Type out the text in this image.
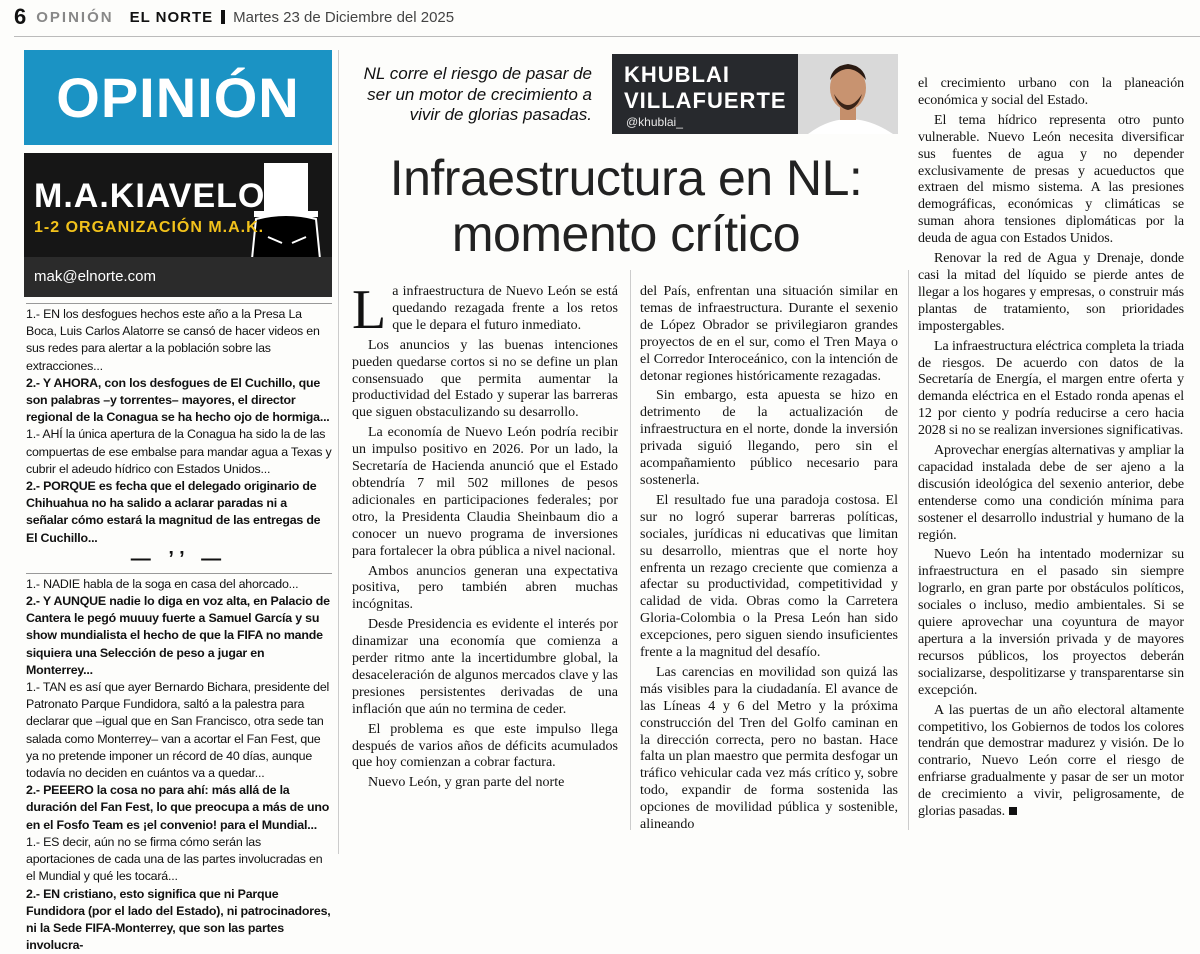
6 OPINIÓN EL NORTE Martes 23 de Diciembre del 2025
OPINIÓN
M.A.KIAVELO
1-2 ORGANIZACIÓN M.A.K.
mak@elnorte.com

1.- EN los desfogues hechos este año a la Presa La Boca, Luis Carlos Alatorre se cansó de hacer videos en sus redes para alertar a la población sobre las extracciones...

2.- Y AHORA, con los desfogues de El Cuchillo, que son palabras –y torrentes– mayores, el director regional de la Conagua se ha hecho ojo de hormiga...

1.- AHÍ la única apertura de la Conagua ha sido la de las compuertas de ese embalse para mandar agua a Texas y cubrir el adeudo hídrico con Estados Unidos...

2.- PORQUE es fecha que el delegado originario de Chihuahua no ha salido a aclarar paradas ni a señalar cómo estará la magnitud de las entregas de El Cuchillo...

— ’’ —

1.- NADIE habla de la soga en casa del ahorcado...

2.- Y AUNQUE nadie lo diga en voz alta, en Palacio de Cantera le pegó muuuy fuerte a Samuel García y su show mundialista el hecho de que la FIFA no mande siquiera una Selección de peso a jugar en Monterrey...

1.- TAN es así que ayer Bernardo Bichara, presidente del Patronato Parque Fundidora, saltó a la palestra para declarar que –igual que en San Francisco, otra sede tan salada como Monterrey– van a acortar el Fan Fest, que ya no pretende imponer un récord de 40 días, aunque todavía no deciden en cuántos va a quedar...

2.- PEEERO la cosa no para ahí: más allá de la duración del Fan Fest, lo que preocupa a más de uno en el Fosfo Team es ¡el convenio! para el Mundial...

1.- ES decir, aún no se firma cómo serán las aportaciones de cada una de las partes involucradas en el Mundial y qué les tocará...

2.- EN cristiano, esto significa que ni Parque Fundidora (por el lado del Estado), ni patrocinadores, ni la Sede FIFA-Monterrey, que son las partes involucra-

NL corre el riesgo de pasar de ser un motor de crecimiento a vivir de glorias pasadas.
KHUBLAI
VILLAFUERTE
@khublai_
Infraestructura en NL:
momento crítico

La infraestructura de Nuevo León se está quedando rezagada frente a los retos que le depara el futuro inmediato.

Los anuncios y las buenas intenciones pueden quedarse cortos si no se define un plan consensuado que permita aumentar la productividad del Estado y superar las barreras que siguen obstaculizando su desarrollo.

La economía de Nuevo León podría recibir un impulso positivo en 2026. Por un lado, la Secretaría de Hacienda anunció que el Estado obtendría 7 mil 502 millones de pesos adicionales en participaciones federales; por otro, la Presidenta Claudia Sheinbaum dio a conocer un nuevo programa de inversiones para fortalecer la obra pública a nivel nacional.

Ambos anuncios generan una expectativa positiva, pero también abren muchas incógnitas.

Desde Presidencia es evidente el interés por dinamizar una economía que comienza a perder ritmo ante la incertidumbre global, la desaceleración de algunos mercados clave y las presiones persistentes derivadas de una inflación que aún no termina de ceder.

El problema es que este impulso llega después de varios años de déficits acumulados que hoy comienzan a cobrar factura.

Nuevo León, y gran parte del norte

del País, enfrentan una situación similar en temas de infraestructura. Durante el sexenio de López Obrador se privilegiaron grandes proyectos de en el sur, como el Tren Maya o el Corredor Interoceánico, con la intención de detonar regiones históricamente rezagadas.

Sin embargo, esta apuesta se hizo en detrimento de la actualización de infraestructura en el norte, donde la inversión privada siguió llegando, pero sin el acompañamiento público necesario para sostenerla.

El resultado fue una paradoja costosa. El sur no logró superar barreras políticas, sociales, jurídicas ni educativas que limitan su desarrollo, mientras que el norte hoy enfrenta un rezago creciente que comienza a afectar su productividad, competitividad y calidad de vida. Obras como la Carretera Gloria-Colombia o la Presa León han sido excepciones, pero siguen siendo insuficientes frente a la magnitud del desafío.

Las carencias en movilidad son quizá las más visibles para la ciudadanía. El avance de las Líneas 4 y 6 del Metro y la próxima construcción del Tren del Golfo caminan en la dirección correcta, pero no bastan. Hace falta un plan maestro que permita desfogar un tráfico vehicular cada vez más crítico y, sobre todo, expandir de forma sostenida las opciones de movilidad pública y sostenible, alineando

el crecimiento urbano con la planeación económica y social del Estado.

El tema hídrico representa otro punto vulnerable. Nuevo León necesita diversificar sus fuentes de agua y no depender exclusivamente de presas y acueductos que extraen del mismo sistema. A las presiones demográficas, económicas y climáticas se suman ahora tensiones diplomáticas por la deuda de agua con Estados Unidos.

Renovar la red de Agua y Drenaje, donde casi la mitad del líquido se pierde antes de llegar a los hogares y empresas, o construir más plantas de tratamiento, son prioridades impostergables.

La infraestructura eléctrica completa la triada de riesgos. De acuerdo con datos de la Secretaría de Energía, el margen entre oferta y demanda eléctrica en el Estado ronda apenas el 12 por ciento y podría reducirse a cero hacia 2028 si no se realizan inversiones significativas.

Aprovechar energías alternativas y ampliar la capacidad instalada debe de ser ajeno a la discusión ideológica del sexenio anterior, debe entenderse como una condición mínima para sostener el desarrollo industrial y humano de la región.

Nuevo León ha intentado modernizar su infraestructura en el pasado sin siempre lograrlo, en gran parte por obstáculos políticos, sociales o incluso, medio ambientales. Si se quiere aprovechar una coyuntura de mayor apertura a la inversión privada y de mayores recursos públicos, los proyectos deberán socializarse, despolitizarse y transparentarse sin excepción.

A las puertas de un año electoral altamente competitivo, los Gobiernos de todos los colores tendrán que demostrar madurez y visión. De lo contrario, Nuevo León corre el riesgo de enfriarse gradualmente y pasar de ser un motor de crecimiento a vivir, peligrosamente, de glorias pasadas.
